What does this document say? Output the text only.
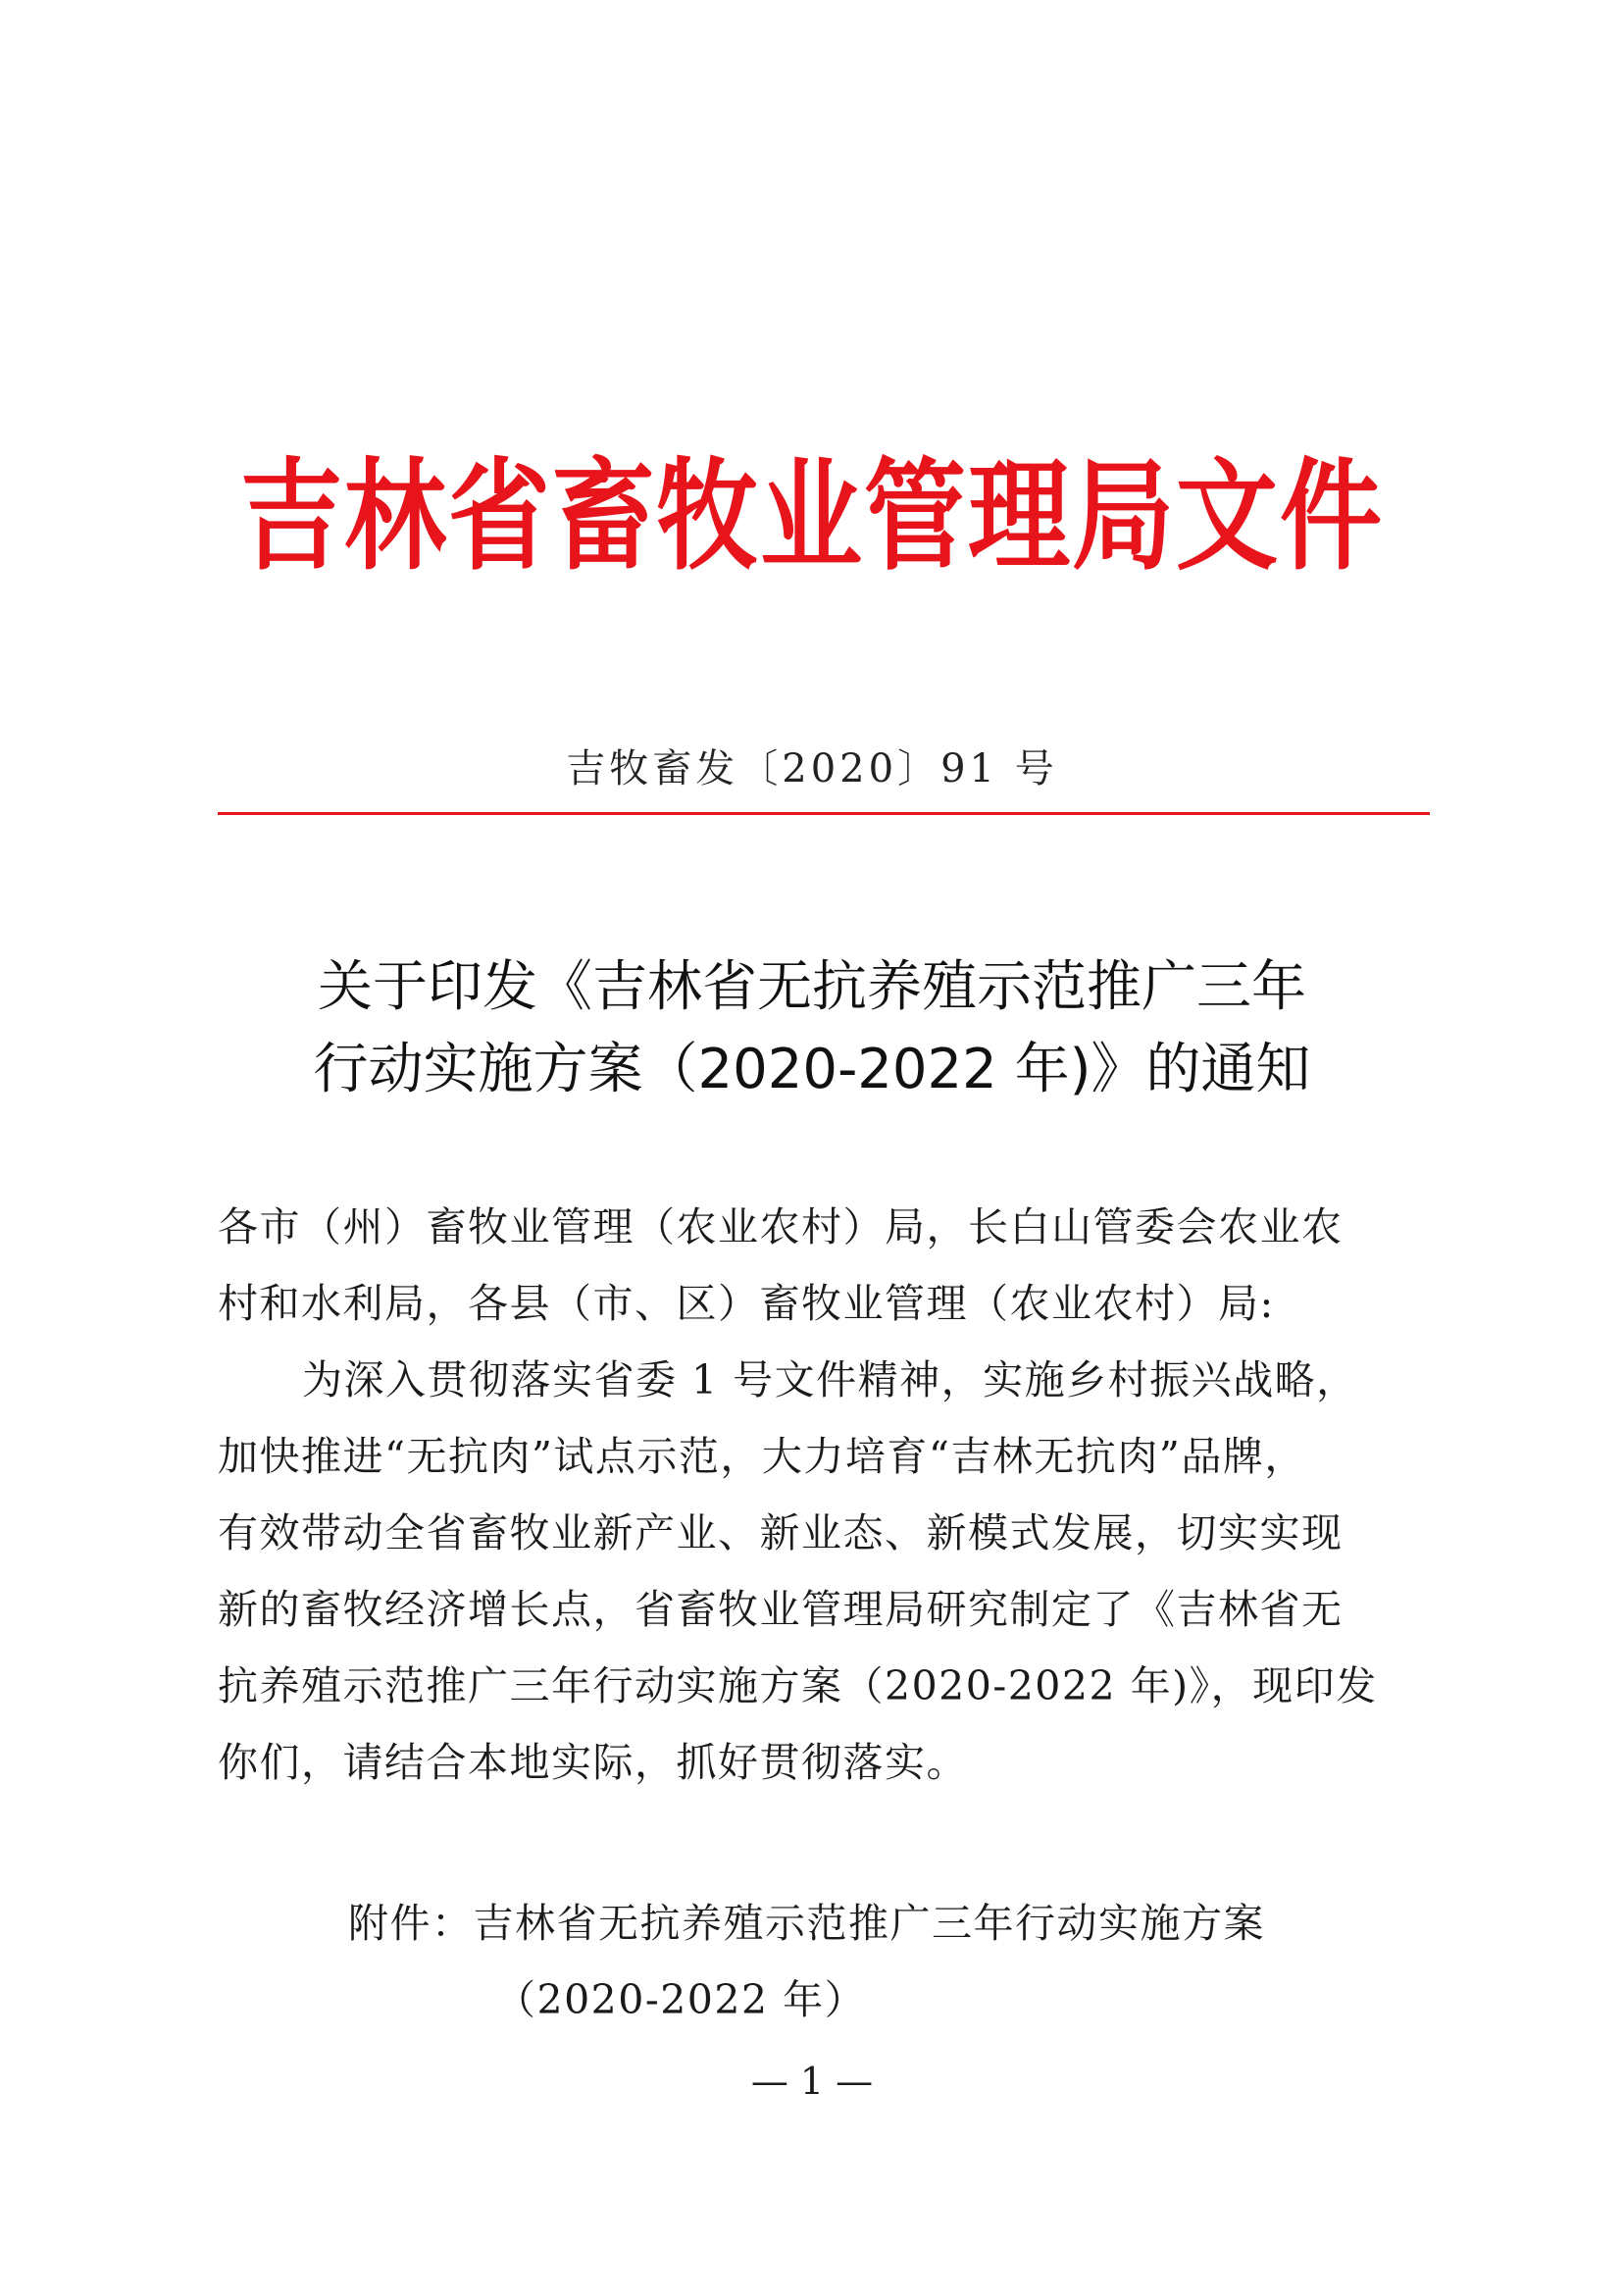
吉林省畜牧业管理局文件
吉牧畜发〔2020〕91 号
关于印发《吉林省无抗养殖示范推广三年
行动实施方案（2020-2022 年)》的通知

各市（州）畜牧业管理（农业农村）局，长白山管委会农业农

村和水利局，各县（市、区）畜牧业管理（农业农村）局:

为深入贯彻落实省委 1 号文件精神，实施乡村振兴战略，

加快推进“无抗肉”试点示范，大力培育“吉林无抗肉”品牌，

有效带动全省畜牧业新产业、新业态、新模式发展，切实实现

新的畜牧经济增长点，省畜牧业管理局研究制定了《吉林省无

抗养殖示范推广三年行动实施方案（2020-2022 年)》，现印发

你们，请结合本地实际，抓好贯彻落实。

附件：吉林省无抗养殖示范推广三年行动实施方案
（2020-2022 年）
— 1 —
